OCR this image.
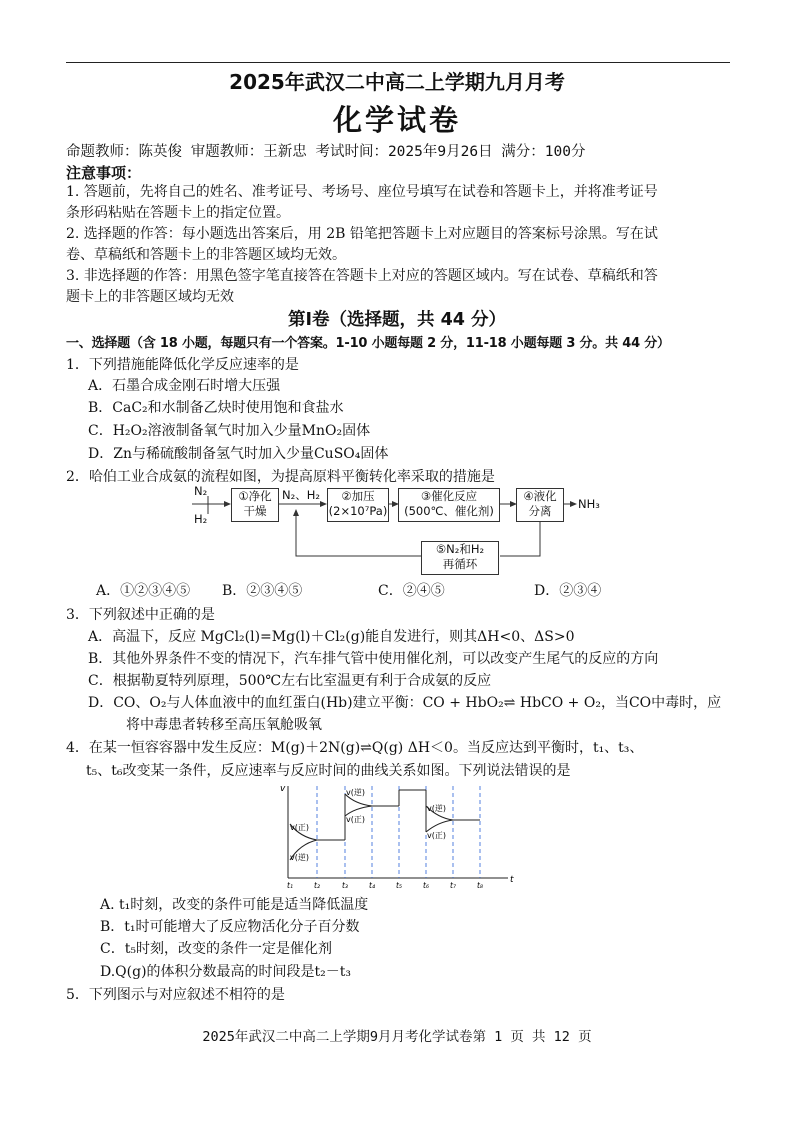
2025年武汉二中高二上学期九月月考
化学试卷
命题教师：陈英俊 审题教师：王新忠 考试时间：2025年9月26日 满分：100分
注意事项：
1. 答题前，先将自己的姓名、准考证号、考场号、座位号填写在试卷和答题卡上，并将准考证号
条形码粘贴在答题卡上的指定位置。
2. 选择题的作答：每小题选出答案后，用 2B 铅笔把答题卡上对应题目的答案标号涂黑。写在试
卷、草稿纸和答题卡上的非答题区域均无效。
3. 非选择题的作答：用黑色签字笔直接答在答题卡上对应的答题区域内。写在试卷、草稿纸和答
题卡上的非答题区域均无效
第Ⅰ卷（选择题，共 44 分）
一、选择题（含 18 小题，每题只有一个答案。1-10 小题每题 2 分，11-18 小题每题 3 分。共 44 分）
1．下列措施能降低化学反应速率的是
A．石墨合成金刚石时增大压强
B．CaC₂和水制备乙炔时使用饱和食盐水
C．H₂O₂溶液制备氧气时加入少量MnO₂固体
D．Zn与稀硫酸制备氢气时加入少量CuSO₄固体
2．哈伯工业合成氨的流程如图，为提高原料平衡转化率采取的措施是
N₂
H₂
N₂、H₂
①净化
干燥
②加压
(2×10⁷Pa)
③催化反应
(500℃、催化剂)
④液化
分离	NH₃
⑤N₂和H₂
再循环
A．①②③④⑤ B．②③④⑤	C．②④⑤	D．②③④
3．下列叙述中正确的是
A．高温下，反应 MgCl₂(l)=Mg(l)＋Cl₂(g)能自发进行，则其ΔH<0、ΔS>0
B．其他外界条件不变的情况下，汽车排气管中使用催化剂，可以改变产生尾气的反应的方向
C．根据勒夏特列原理，500℃左右比室温更有利于合成氨的反应
D．CO、O₂与人体血液中的血红蛋白(Hb)建立平衡：CO + HbO₂⇌ HbCO + O₂，当CO中毒时，应
将中毒患者转移至高压氧舱吸氧
4．在某一恒容容器中发生反应：M(g)＋2N(g)⇌Q(g) ΔH＜0。当反应达到平衡时，t₁、t₃、
t₅、t₆改变某一条件，反应速率与反应时间的曲线关系如图。下列说法错误的是
v
t
v(正)
v(逆)
v(逆)
v(正)
v(逆)
v(正)
t₁	t₂	t₃	t₄	t₅	t₆	t₇	t₈
A. t₁时刻，改变的条件可能是适当降低温度
B．t₁时可能增大了反应物活化分子百分数
C．t₅时刻，改变的条件一定是催化剂
D.Q(g)的体积分数最高的时间段是t₂－t₃
5．下列图示与对应叙述不相符的是
2025年武汉二中高二上学期9月月考化学试卷第 1 页 共 12 页
